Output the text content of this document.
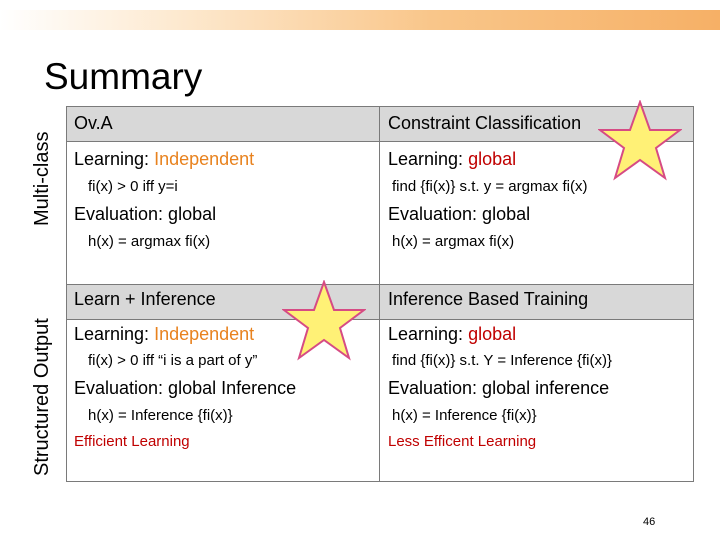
Summary
Multi-class
Structured Output
Ov.A
Learning: Independent
fi(x) > 0 iff y=i
Evaluation: global
h(x) = argmax fi(x)
Constraint Classification
Learning: global
find {fi(x)} s.t. y = argmax fi(x)
Evaluation: global
h(x) = argmax fi(x)
Learn + Inference
Learning: Independent
fi(x) > 0 iff “i is a part of y”
Evaluation: global Inference
h(x) = Inference {fi(x)}
Efficient Learning
Inference Based Training
Learning: global
find {fi(x)} s.t. Y = Inference {fi(x)}
Evaluation: global inference
h(x) = Inference {fi(x)}
Less Efficent Learning
46
